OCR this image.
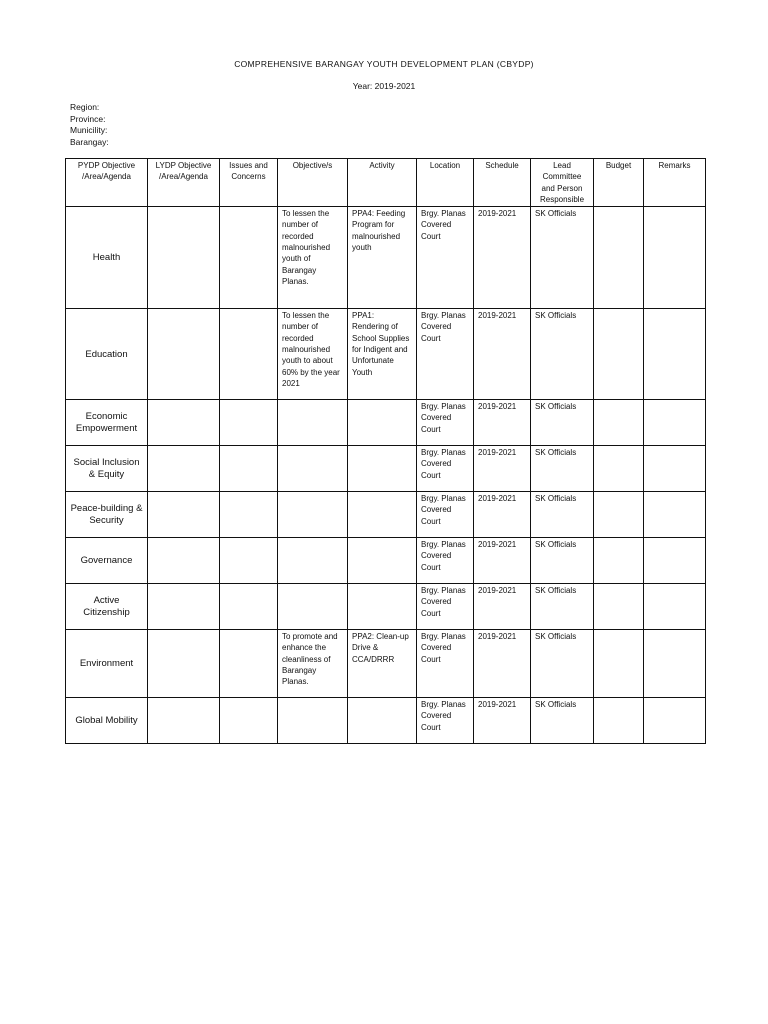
COMPREHENSIVE BARANGAY YOUTH DEVELOPMENT PLAN (CBYDP)
Year: 2019-2021
Region:
Province:
Municility:
Barangay:
PYDP Objective /Area/Agenda	LYDP Objective /Area/Agenda	Issues and Concerns	Objective/s	Activity	Location	Schedule	Lead Committee and Person Responsible	Budget	Remarks
Health			To lessen the number of recorded malnourished youth of Barangay Planas.	PPA4: Feeding Program for malnourished youth	Brgy. Planas Covered Court	2019-2021	SK Officials		
Education			To lessen the number of recorded malnourished youth to about 60% by the year 2021	PPA1: Rendering of School Supplies for Indigent and Unfortunate Youth	Brgy. Planas Covered Court	2019-2021	SK Officials		
Economic Empowerment					Brgy. Planas Covered Court	2019-2021	SK Officials		
Social Inclusion & Equity					Brgy. Planas Covered Court	2019-2021	SK Officials		
Peace-building & Security					Brgy. Planas Covered Court	2019-2021	SK Officials		
Governance					Brgy. Planas Covered Court	2019-2021	SK Officials		
Active Citizenship					Brgy. Planas Covered Court	2019-2021	SK Officials		
Environment			To promote and enhance the cleanliness of Barangay Planas.	PPA2: Clean-up Drive & CCA/DRRR	Brgy. Planas Covered Court	2019-2021	SK Officials		
Global Mobility					Brgy. Planas Covered Court	2019-2021	SK Officials		
